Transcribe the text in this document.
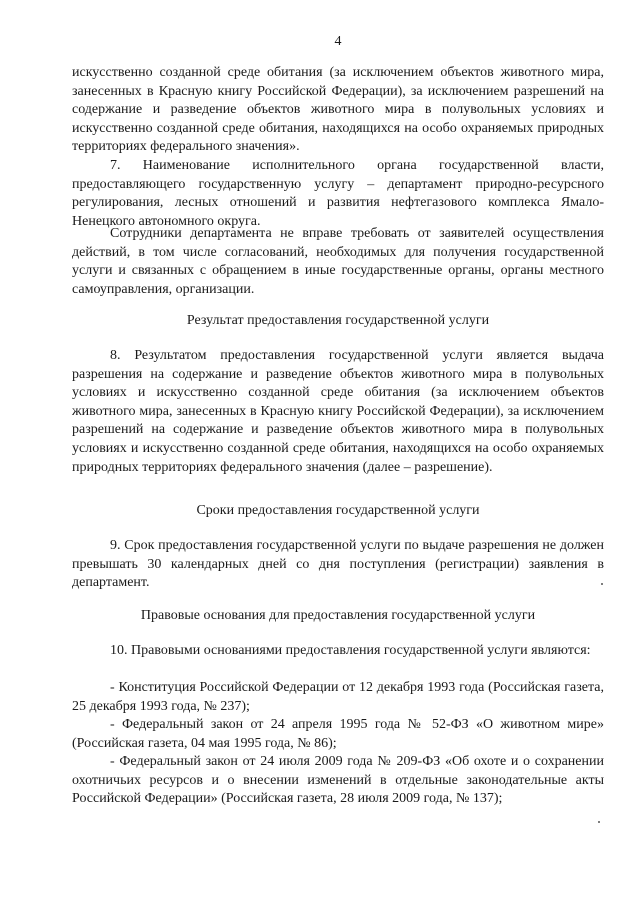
4
искусственно созданной среде обитания (за исключением объектов животного мира, занесенных в Красную книгу Российской Федерации), за исключением разрешений на содержание и разведение объектов животного мира в полувольных условиях и искусственно созданной среде обитания, находящихся на особо охраняемых природных территориях федерального значения».
7. Наименование исполнительного органа государственной власти, предоставляющего государственную услугу – департамент природно-ресурсного регулирования, лесных отношений и развития нефтегазового комплекса Ямало-Ненецкого автономного округа.
Сотрудники департамента не вправе требовать от заявителей осуществления действий, в том числе согласований, необходимых для получения государственной услуги и связанных с обращением в иные государственные органы, органы местного самоуправления, организации.
Результат предоставления государственной услуги
8. Результатом предоставления государственной услуги является выдача разрешения на содержание и разведение объектов животного мира в полувольных условиях и искусственно созданной среде обитания (за исключением объектов животного мира, занесенных в Красную книгу Российской Федерации), за исключением разрешений на содержание и разведение объектов животного мира в полувольных условиях и искусственно созданной среде обитания, находящихся на особо охраняемых природных территориях федерального значения (далее – разрешение).
Сроки предоставления государственной услуги
9. Срок предоставления государственной услуги по выдаче разрешения не должен превышать 30 календарных дней со дня поступления (регистрации) заявления в департамент.
Правовые основания для предоставления государственной услуги
10. Правовыми основаниями предоставления государственной услуги являются:
- Конституция Российской Федерации от 12 декабря 1993 года (Российская газета, 25 декабря 1993 года, № 237);
- Федеральный закон от 24 апреля 1995 года № 52-ФЗ «О животном мире» (Российская газета, 04 мая 1995 года, № 86);
- Федеральный закон от 24 июля 2009 года № 209-ФЗ «Об охоте и о сохранении охотничьих ресурсов и о внесении изменений в отдельные законодательные акты Российской Федерации» (Российская газета, 28 июля 2009 года, № 137);
